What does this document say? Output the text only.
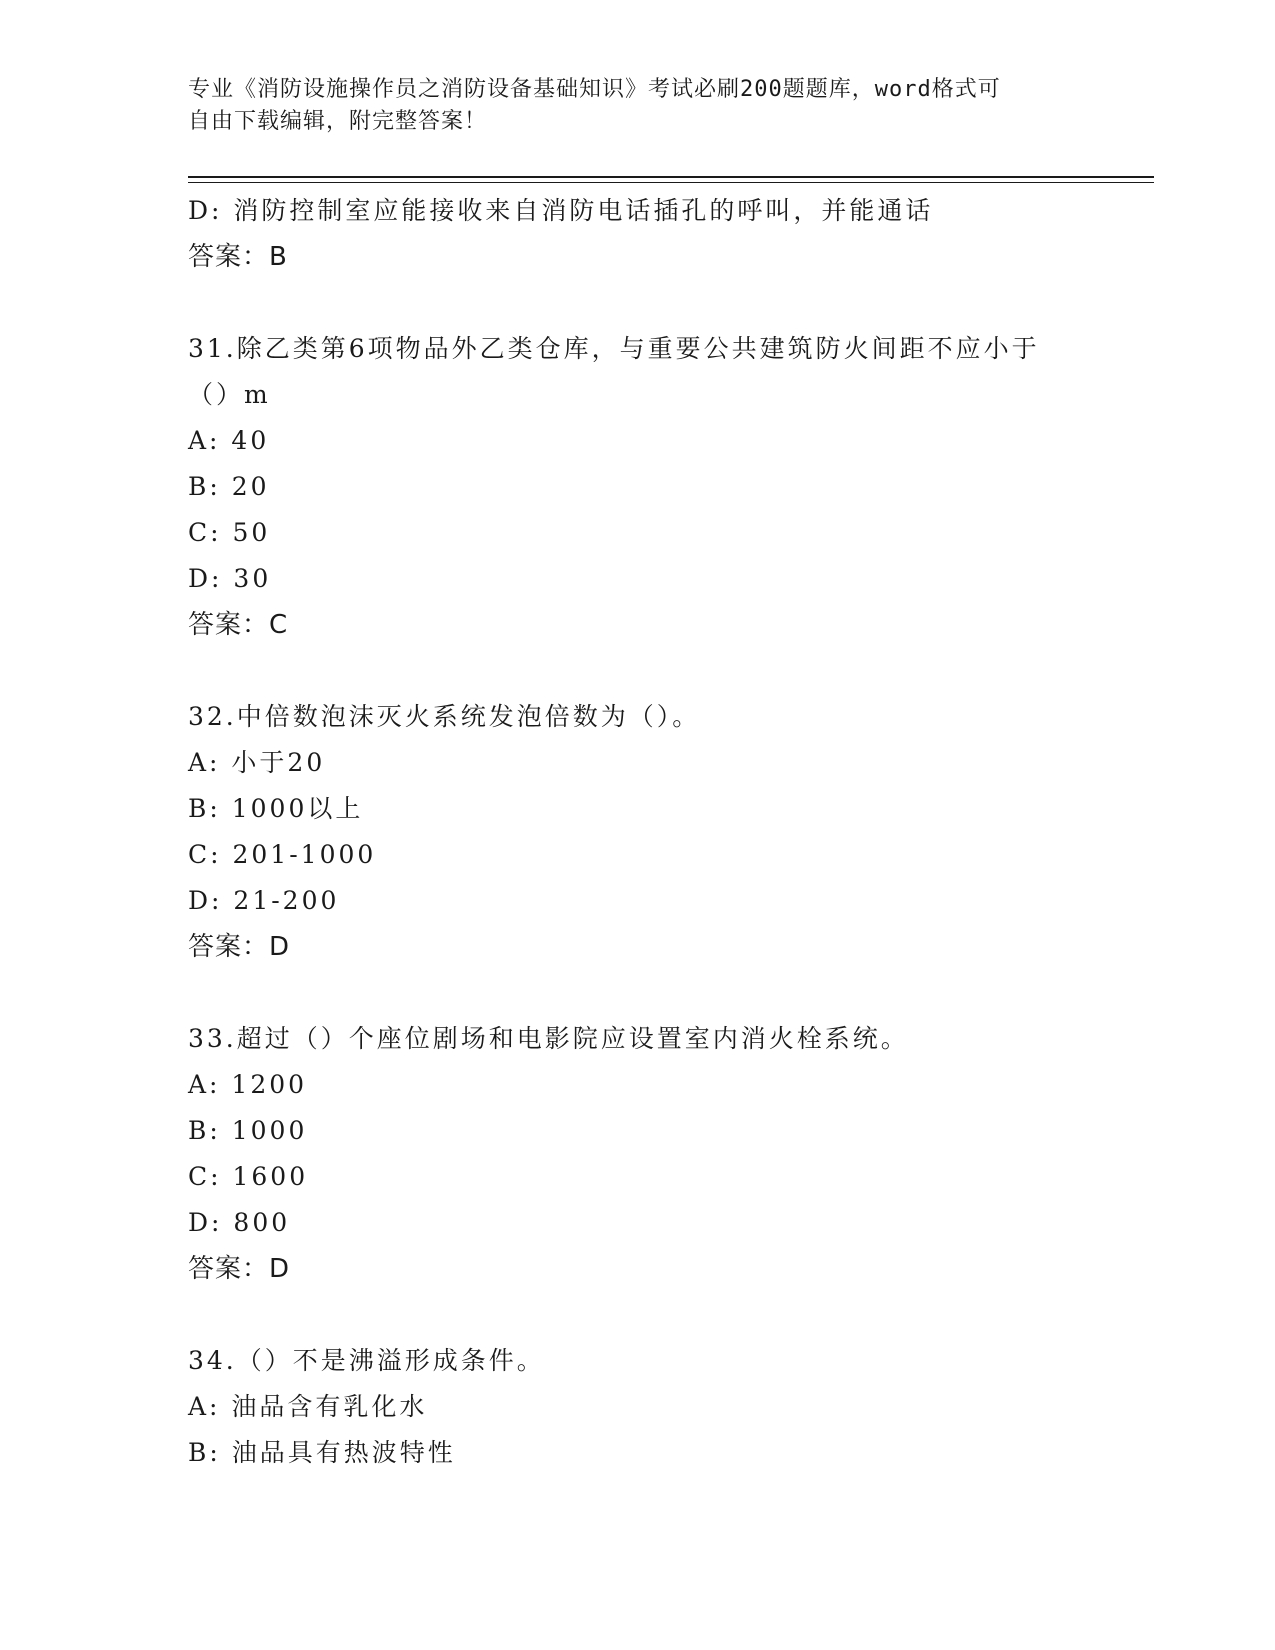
专业《消防设施操作员之消防设备基础知识》考试必刷200题题库，word格式可
自由下载编辑，附完整答案！
D: 消防控制室应能接收来自消防电话插孔的呼叫，并能通话
答案：B
31.除乙类第6项物品外乙类仓库，与重要公共建筑防火间距不应小于
（）m
A: 40
B: 20
C: 50
D: 30
答案：C
32.中倍数泡沫灭火系统发泡倍数为（）。
A: 小于20
B: 1000以上
C: 201-1000
D: 21-200
答案：D
33.超过（）个座位剧场和电影院应设置室内消火栓系统。
A: 1200
B: 1000
C: 1600
D: 800
答案：D
34.（）不是沸溢形成条件。
A: 油品含有乳化水
B: 油品具有热波特性
